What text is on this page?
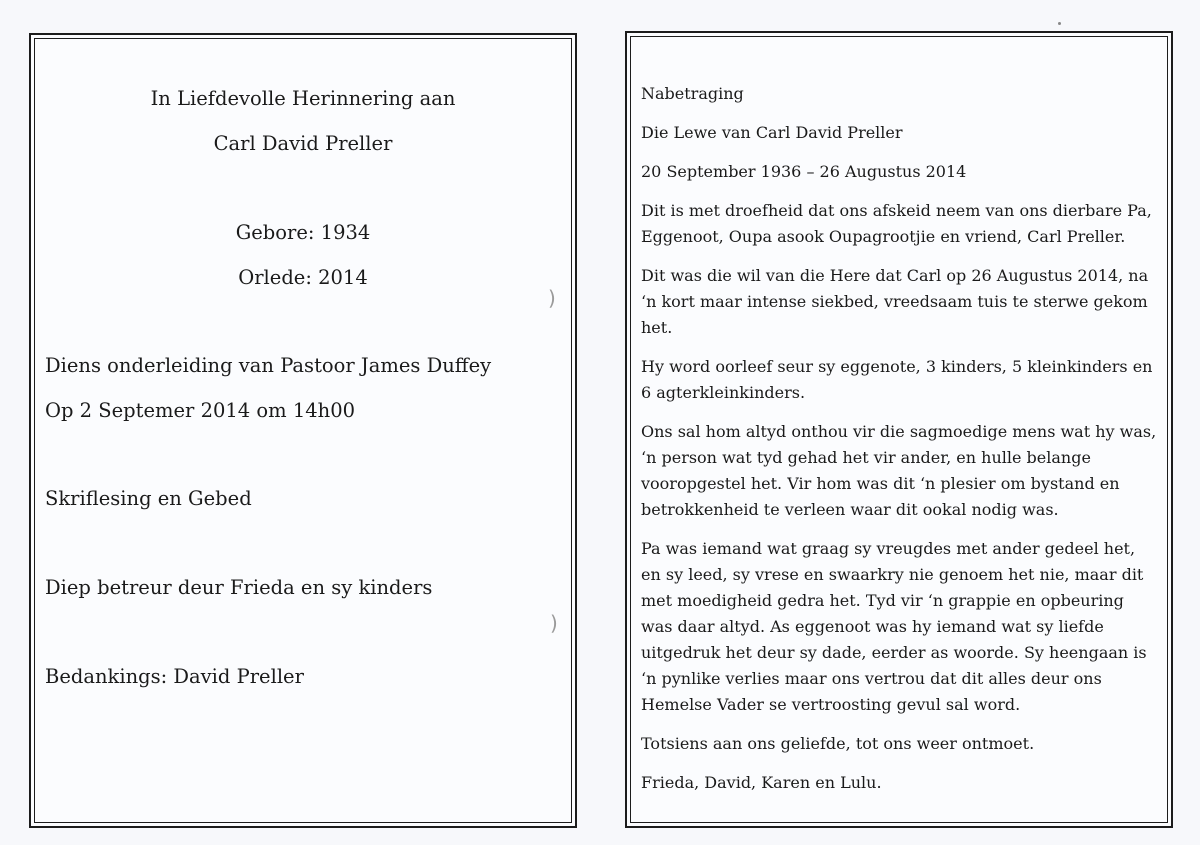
In Liefdevolle Herinnering aan
Carl David Preller
Gebore: 1934
Orlede: 2014
Diens onderleiding van Pastoor James Duffey
Op 2 Septemer 2014 om 14h00
Skriflesing en Gebed
Diep betreur deur Frieda en sy kinders
Bedankings: David Preller

Nabetraging

Die Lewe van Carl David Preller

20 September 1936 – 26 Augustus 2014

Dit is met droefheid dat ons afskeid neem van ons dierbare Pa, Eggenoot, Oupa asook Oupagrootjie en vriend, Carl Preller.

Dit was die wil van die Here dat Carl op 26 Augustus 2014, na ‘n kort maar intense siekbed, vreedsaam tuis te sterwe gekom het.

Hy word oorleef seur sy eggenote, 3 kinders, 5 kleinkinders en 6 agterkleinkinders.

Ons sal hom altyd onthou vir die sagmoedige mens wat hy was, ‘n person wat tyd gehad het vir ander, en hulle belange vooropgestel het. Vir hom was dit ‘n plesier om bystand en betrokkenheid te verleen waar dit ookal nodig was.

Pa was iemand wat graag sy vreugdes met ander gedeel het, en sy leed, sy vrese en swaarkry nie genoem het nie, maar dit met moedigheid gedra het. Tyd vir ‘n grappie en opbeuring was daar altyd. As eggenoot was hy iemand wat sy liefde uitgedruk het deur sy dade, eerder as woorde. Sy heengaan is ‘n pynlike verlies maar ons vertrou dat dit alles deur ons Hemelse Vader se vertroosting gevul sal word.

Totsiens aan ons geliefde, tot ons weer ontmoet.

Frieda, David, Karen en Lulu.

)
)
